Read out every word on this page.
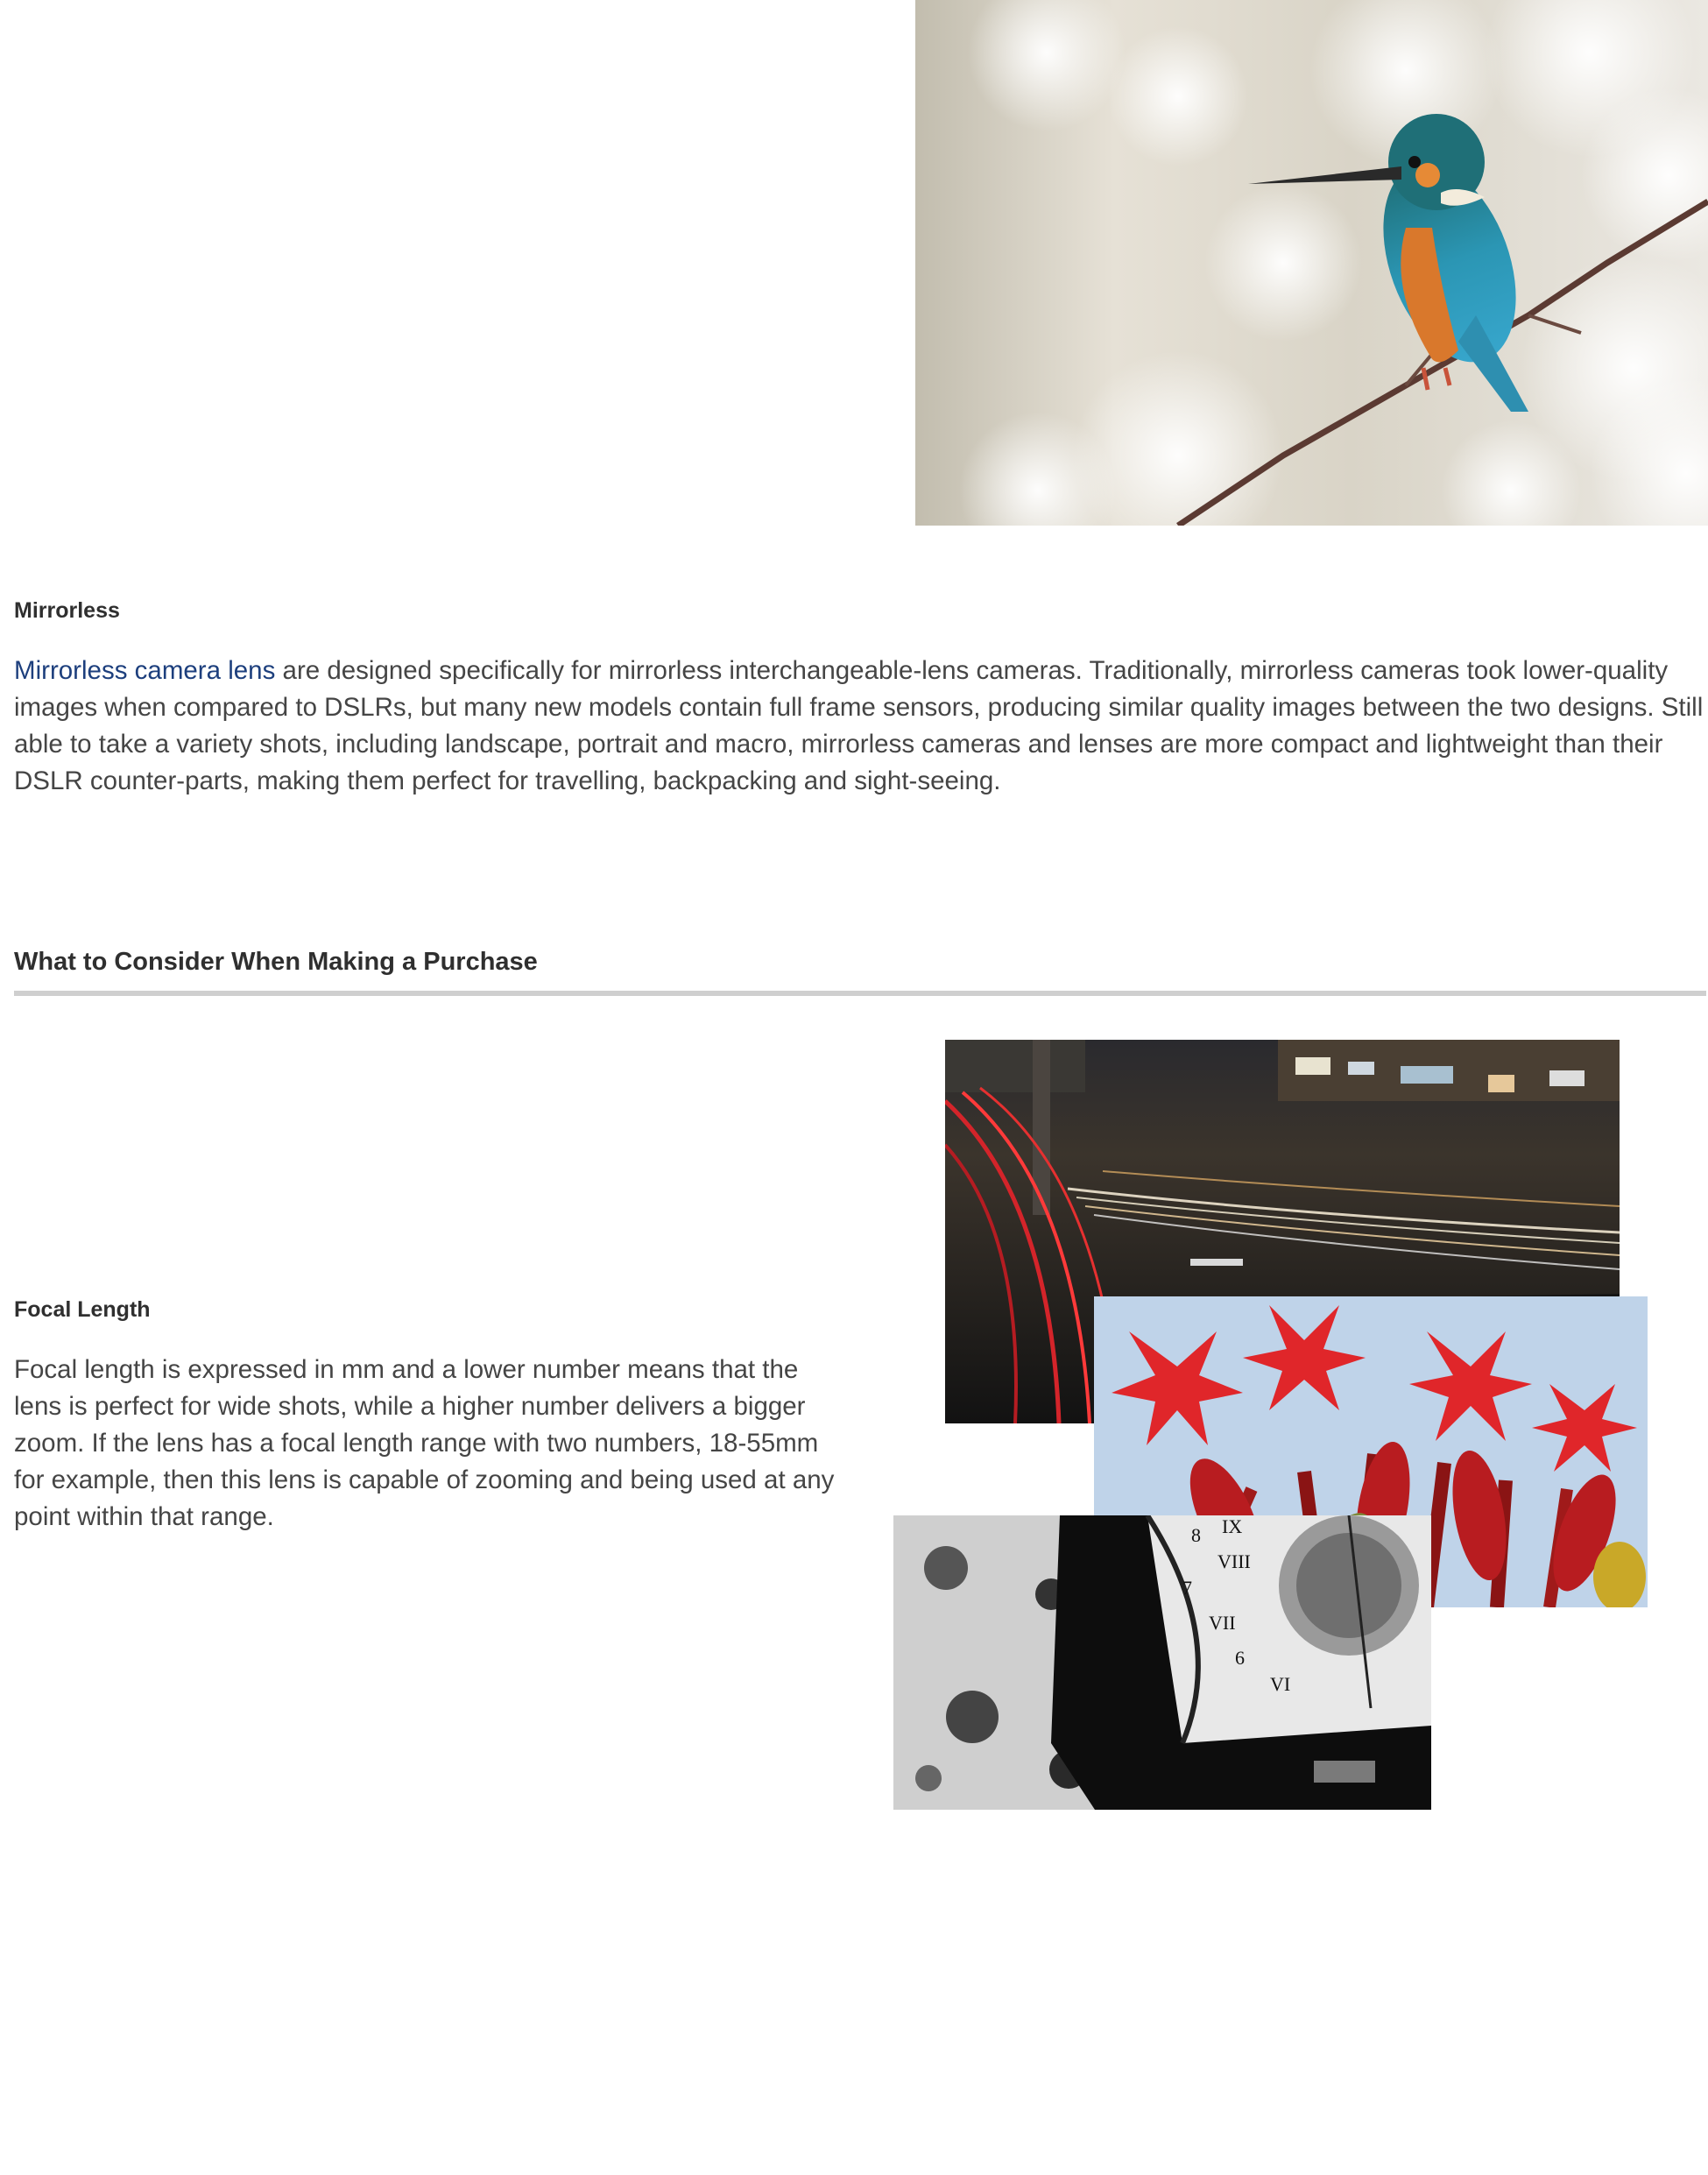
Mirrorless

Mirrorless camera lens are designed specifically for mirrorless interchangeable-lens cameras. Traditionally, mirrorless cameras took lower-quality images when compared to DSLRs, but many new models contain full frame sensors, producing similar quality images between the two designs. Still able to take a variety shots, including landscape, portrait and macro, mirrorless cameras and lenses are more compact and lightweight than their DSLR counter-parts, making them perfect for travelling, backpacking and sight-seeing.

What to Consider When Making a Purchase
Focal Length

Focal length is expressed in mm and a lower number means that the lens is perfect for wide shots, while a higher number delivers a bigger zoom. If the lens has a focal length range with two numbers, 18-55mm for example, then this lens is capable of zooming and being used at any point within that range.

8 IX
VIII
7
VII
6
VI
